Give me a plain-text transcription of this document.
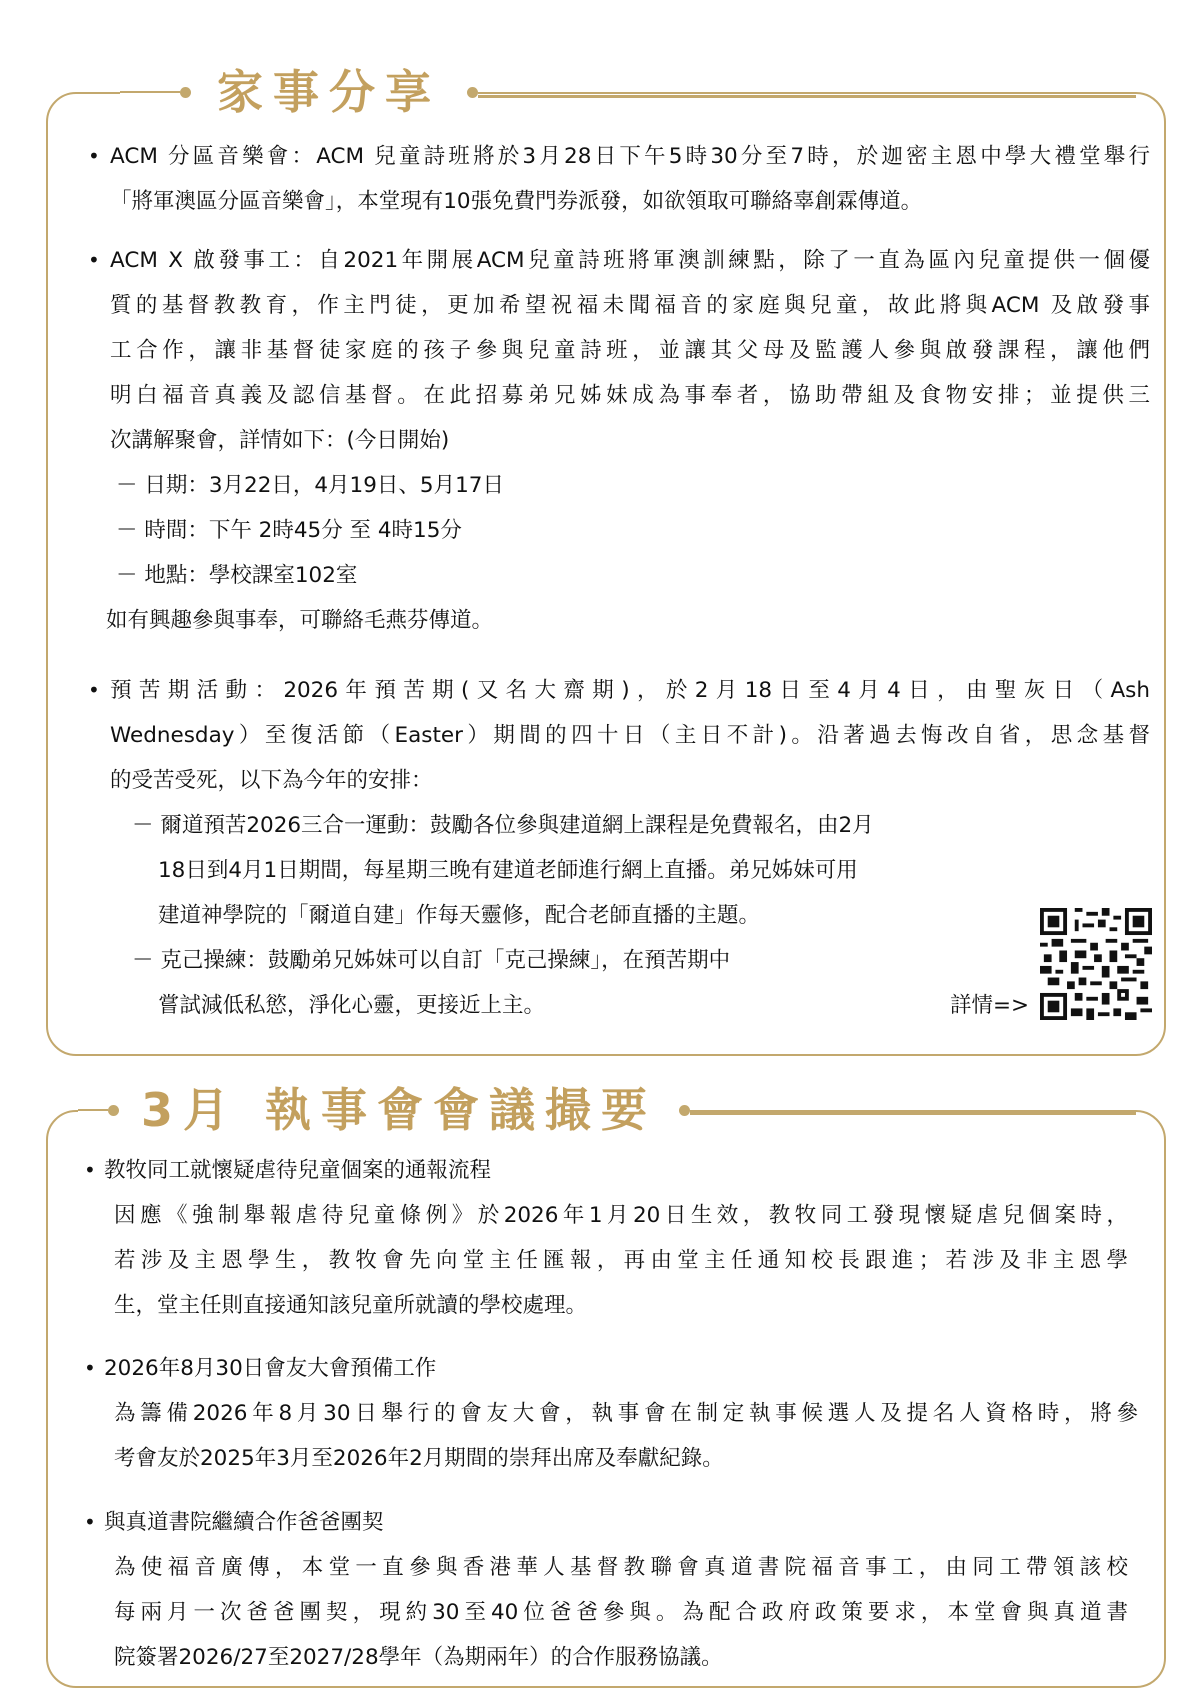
家事分享
• ACM 分區音樂會：ACM 兒童詩班將於3月28日下午5時30分至7時，於迦密主恩中學大禮堂舉行
「將軍澳區分區音樂會」，本堂現有10張免費門券派發，如欲領取可聯絡辜創霖傳道。
• ACM X 啟發事工：自2021年開展ACM兒童詩班將軍澳訓練點，除了一直為區內兒童提供一個優
質的基督教教育，作主門徒，更加希望祝福未聞福音的家庭與兒童，故此將與ACM 及啟發事
工合作，讓非基督徒家庭的孩子參與兒童詩班，並讓其父母及監護人參與啟發課程，讓他們
明白福音真義及認信基督。在此招募弟兄姊妹成為事奉者，協助帶組及食物安排；並提供三
次講解聚會，詳情如下：(今日開始)
－ 日期：3月22日，4月19日、5月17日
－ 時間：下午 2時45分 至 4時15分
－ 地點：學校課室102室
如有興趣參與事奉，可聯絡毛燕芬傳道。
• 預苦期活動：2026年預苦期(又名大齋期)，於2月18日至4月4日，由聖灰日（Ash
Wednesday）至復活節（Easter）期間的四十日（主日不計)。沿著過去悔改自省，思念基督
的受苦受死，以下為今年的安排：
－ 爾道預苦2026三合一運動：鼓勵各位參與建道網上課程是免費報名，由2月
18日到4月1日期間，每星期三晚有建道老師進行網上直播。弟兄姊妹可用
建道神學院的「爾道自建」作每天靈修，配合老師直播的主題。
－ 克己操練：鼓勵弟兄姊妹可以自訂「克己操練」，在預苦期中
嘗試減低私慾，淨化心靈，更接近上主。	詳情=>
3月 執事會會議撮要
• 教牧同工就懷疑虐待兒童個案的通報流程
因應《強制舉報虐待兒童條例》於2026年1月20日生效，教牧同工發現懷疑虐兒個案時，
若涉及主恩學生，教牧會先向堂主任匯報，再由堂主任通知校長跟進；若涉及非主恩學
生，堂主任則直接通知該兒童所就讀的學校處理。
• 2026年8月30日會友大會預備工作
為籌備2026年8月30日舉行的會友大會，執事會在制定執事候選人及提名人資格時，將參
考會友於2025年3月至2026年2月期間的崇拜出席及奉獻紀錄。
• 與真道書院繼續合作爸爸團契
為使福音廣傳，本堂一直參與香港華人基督教聯會真道書院福音事工，由同工帶領該校
每兩月一次爸爸團契，現約30至40位爸爸參與。為配合政府政策要求，本堂會與真道書
院簽署2026/27至2027/28學年（為期兩年）的合作服務協議。
